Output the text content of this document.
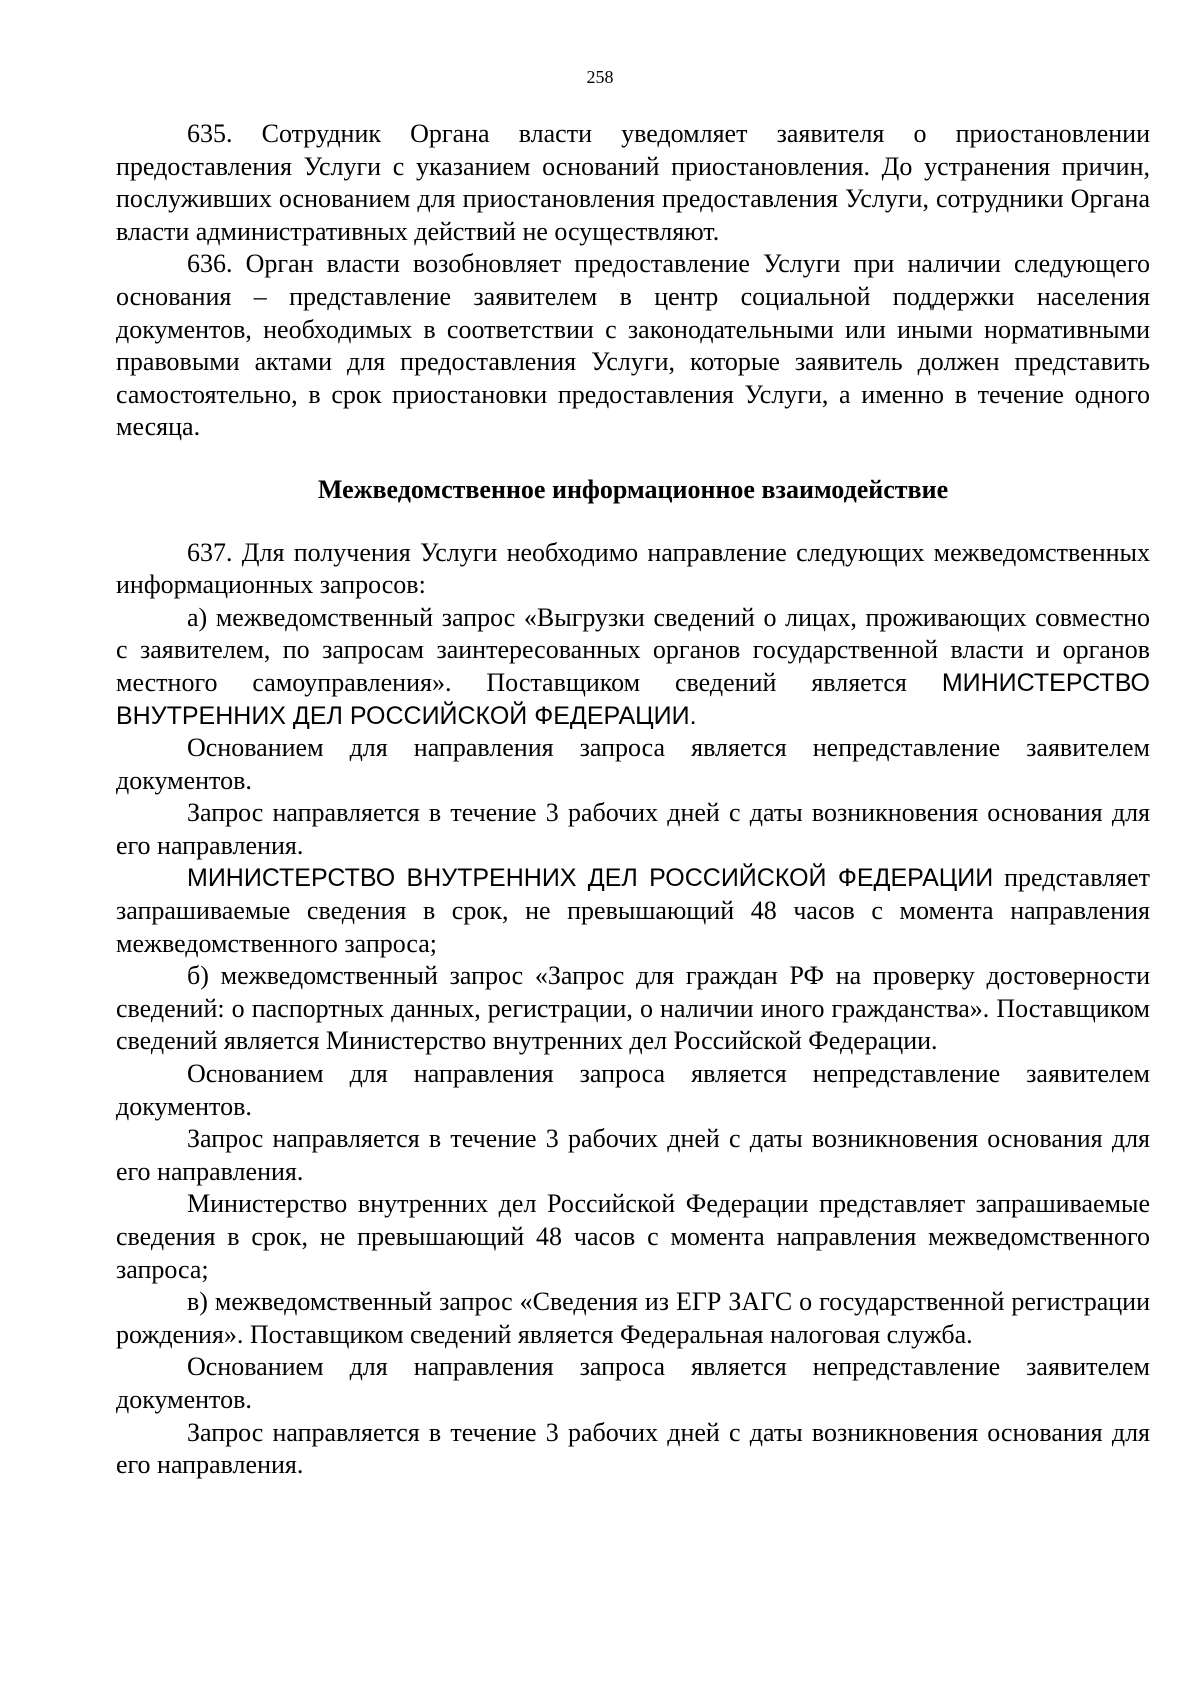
258

635. Сотрудник Органа власти уведомляет заявителя о приостановлении предоставления Услуги с указанием оснований приостановления. До устранения причин, послуживших основанием для приостановления предоставления Услуги, сотрудники Органа власти административных действий не осуществляют.

636. Орган власти возобновляет предоставление Услуги при наличии следующего основания – представление заявителем в центр социальной поддержки населения документов, необходимых в соответствии с законодательными или иными нормативными правовыми актами для предоставления Услуги, которые заявитель должен представить самостоятельно, в срок приостановки предоставления Услуги, а именно в течение одного месяца.

Межведомственное информационное взаимодействие

637. Для получения Услуги необходимо направление следующих межведомственных информационных запросов:

а) межведомственный запрос «Выгрузки сведений о лицах, проживающих совместно с заявителем, по запросам заинтересованных органов государственной власти и органов местного самоуправления». Поставщиком сведений является МИНИСТЕРСТВО ВНУТРЕННИХ ДЕЛ РОССИЙСКОЙ ФЕДЕРАЦИИ.

Основанием для направления запроса является непредставление заявителем документов.

Запрос направляется в течение 3 рабочих дней с даты возникновения основания для его направления.

МИНИСТЕРСТВО ВНУТРЕННИХ ДЕЛ РОССИЙСКОЙ ФЕДЕРАЦИИ представляет запрашиваемые сведения в срок, не превышающий 48 часов с момента направления межведомственного запроса;

б) межведомственный запрос «Запрос для граждан РФ на проверку достоверности сведений: о паспортных данных, регистрации, о наличии иного гражданства». Поставщиком сведений является Министерство внутренних дел Российской Федерации.

Основанием для направления запроса является непредставление заявителем документов.

Запрос направляется в течение 3 рабочих дней с даты возникновения основания для его направления.

Министерство внутренних дел Российской Федерации представляет запрашиваемые сведения в срок, не превышающий 48 часов с момента направления межведомственного запроса;

в) межведомственный запрос «Сведения из ЕГР ЗАГС о государственной регистрации рождения». Поставщиком сведений является Федеральная налоговая служба.

Основанием для направления запроса является непредставление заявителем документов.

Запрос направляется в течение 3 рабочих дней с даты возникновения основания для его направления.
